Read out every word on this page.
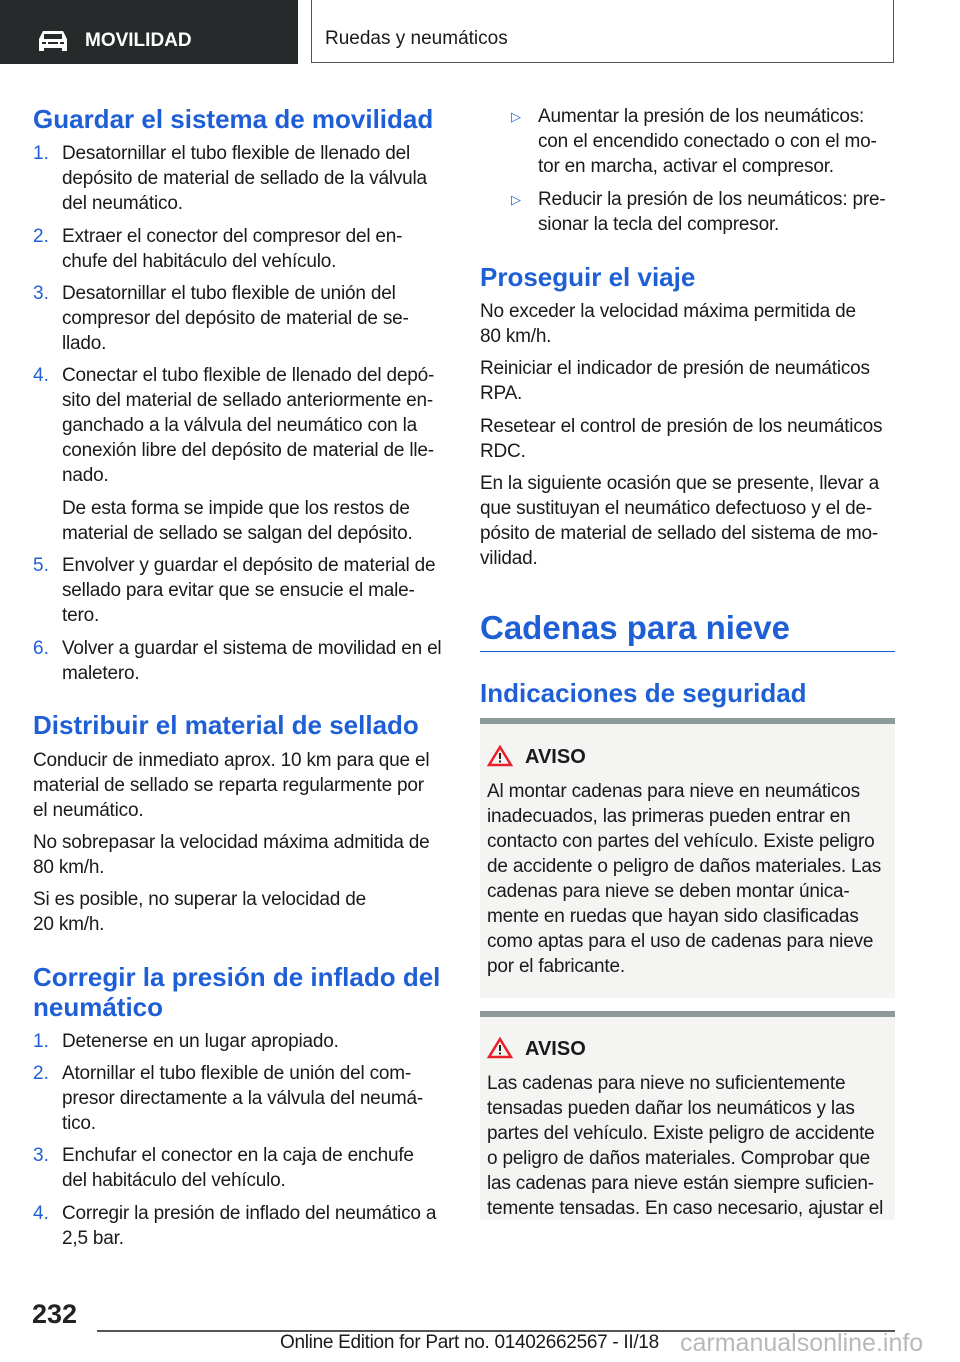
MOVILIDAD	Ruedas y neumáticos
Guardar el sistema de movilidad
1. Desatornillar el tubo flexible de llenado del
depósito de material de sellado de la válvula
del neumático.
2. Extraer el conector del compresor del en‐
chufe del habitáculo del vehículo.
3. Desatornillar el tubo flexible de unión del
compresor del depósito de material de se‐
llado.
4. Conectar el tubo flexible de llenado del depó‐
sito del material de sellado anteriormente en‐
ganchado a la válvula del neumático con la
conexión libre del depósito de material de lle‐
nado.
5. Envolver y guardar el depósito de material de
sellado para evitar que se ensucie el male‐
tero.
6. Volver a guardar el sistema de movilidad en el
maletero.
De esta forma se impide que los restos de
material de sellado se salgan del depósito.
Distribuir el material de sellado
Conducir de inmediato aprox. 10 km para que el
material de sellado se reparta regularmente por
el neumático.
No sobrepasar la velocidad máxima admitida de
80 km/h.
Si es posible, no superar la velocidad de
20 km/h.
Corregir la presión de inflado del
neumático
1. Detenerse en un lugar apropiado.
2. Atornillar el tubo flexible de unión del com‐
presor directamente a la válvula del neumá‐
tico.
3. Enchufar el conector en la caja de enchufe
del habitáculo del vehículo.
4. Corregir la presión de inflado del neumático a
2,5 bar.
▷ Aumentar la presión de los neumáticos:
con el encendido conectado o con el mo‐
tor en marcha, activar el compresor.
▷ Reducir la presión de los neumáticos: pre‐
sionar la tecla del compresor.
Proseguir el viaje
No exceder la velocidad máxima permitida de
80 km/h.
Reiniciar el indicador de presión de neumáticos
RPA.
Resetear el control de presión de los neumáticos
RDC.
En la siguiente ocasión que se presente, llevar a
que sustituyan el neumático defectuoso y el de‐
pósito de material de sellado del sistema de mo‐
vilidad.
Cadenas para nieve
Indicaciones de seguridad
AVISO
Al montar cadenas para nieve en neumáticos
inadecuados, las primeras pueden entrar en
contacto con partes del vehículo. Existe peligro
de accidente o peligro de daños materiales. Las
cadenas para nieve se deben montar única‐
mente en ruedas que hayan sido clasificadas
como aptas para el uso de cadenas para nieve
por el fabricante.
AVISO
Las cadenas para nieve no suficientemente
tensadas pueden dañar los neumáticos y las
partes del vehículo. Existe peligro de accidente
o peligro de daños materiales. Comprobar que
las cadenas para nieve están siempre suficien‐
temente tensadas. En caso necesario, ajustar el
232
Online Edition for Part no. 01402662567 - II/18 carmanualsonline.info
